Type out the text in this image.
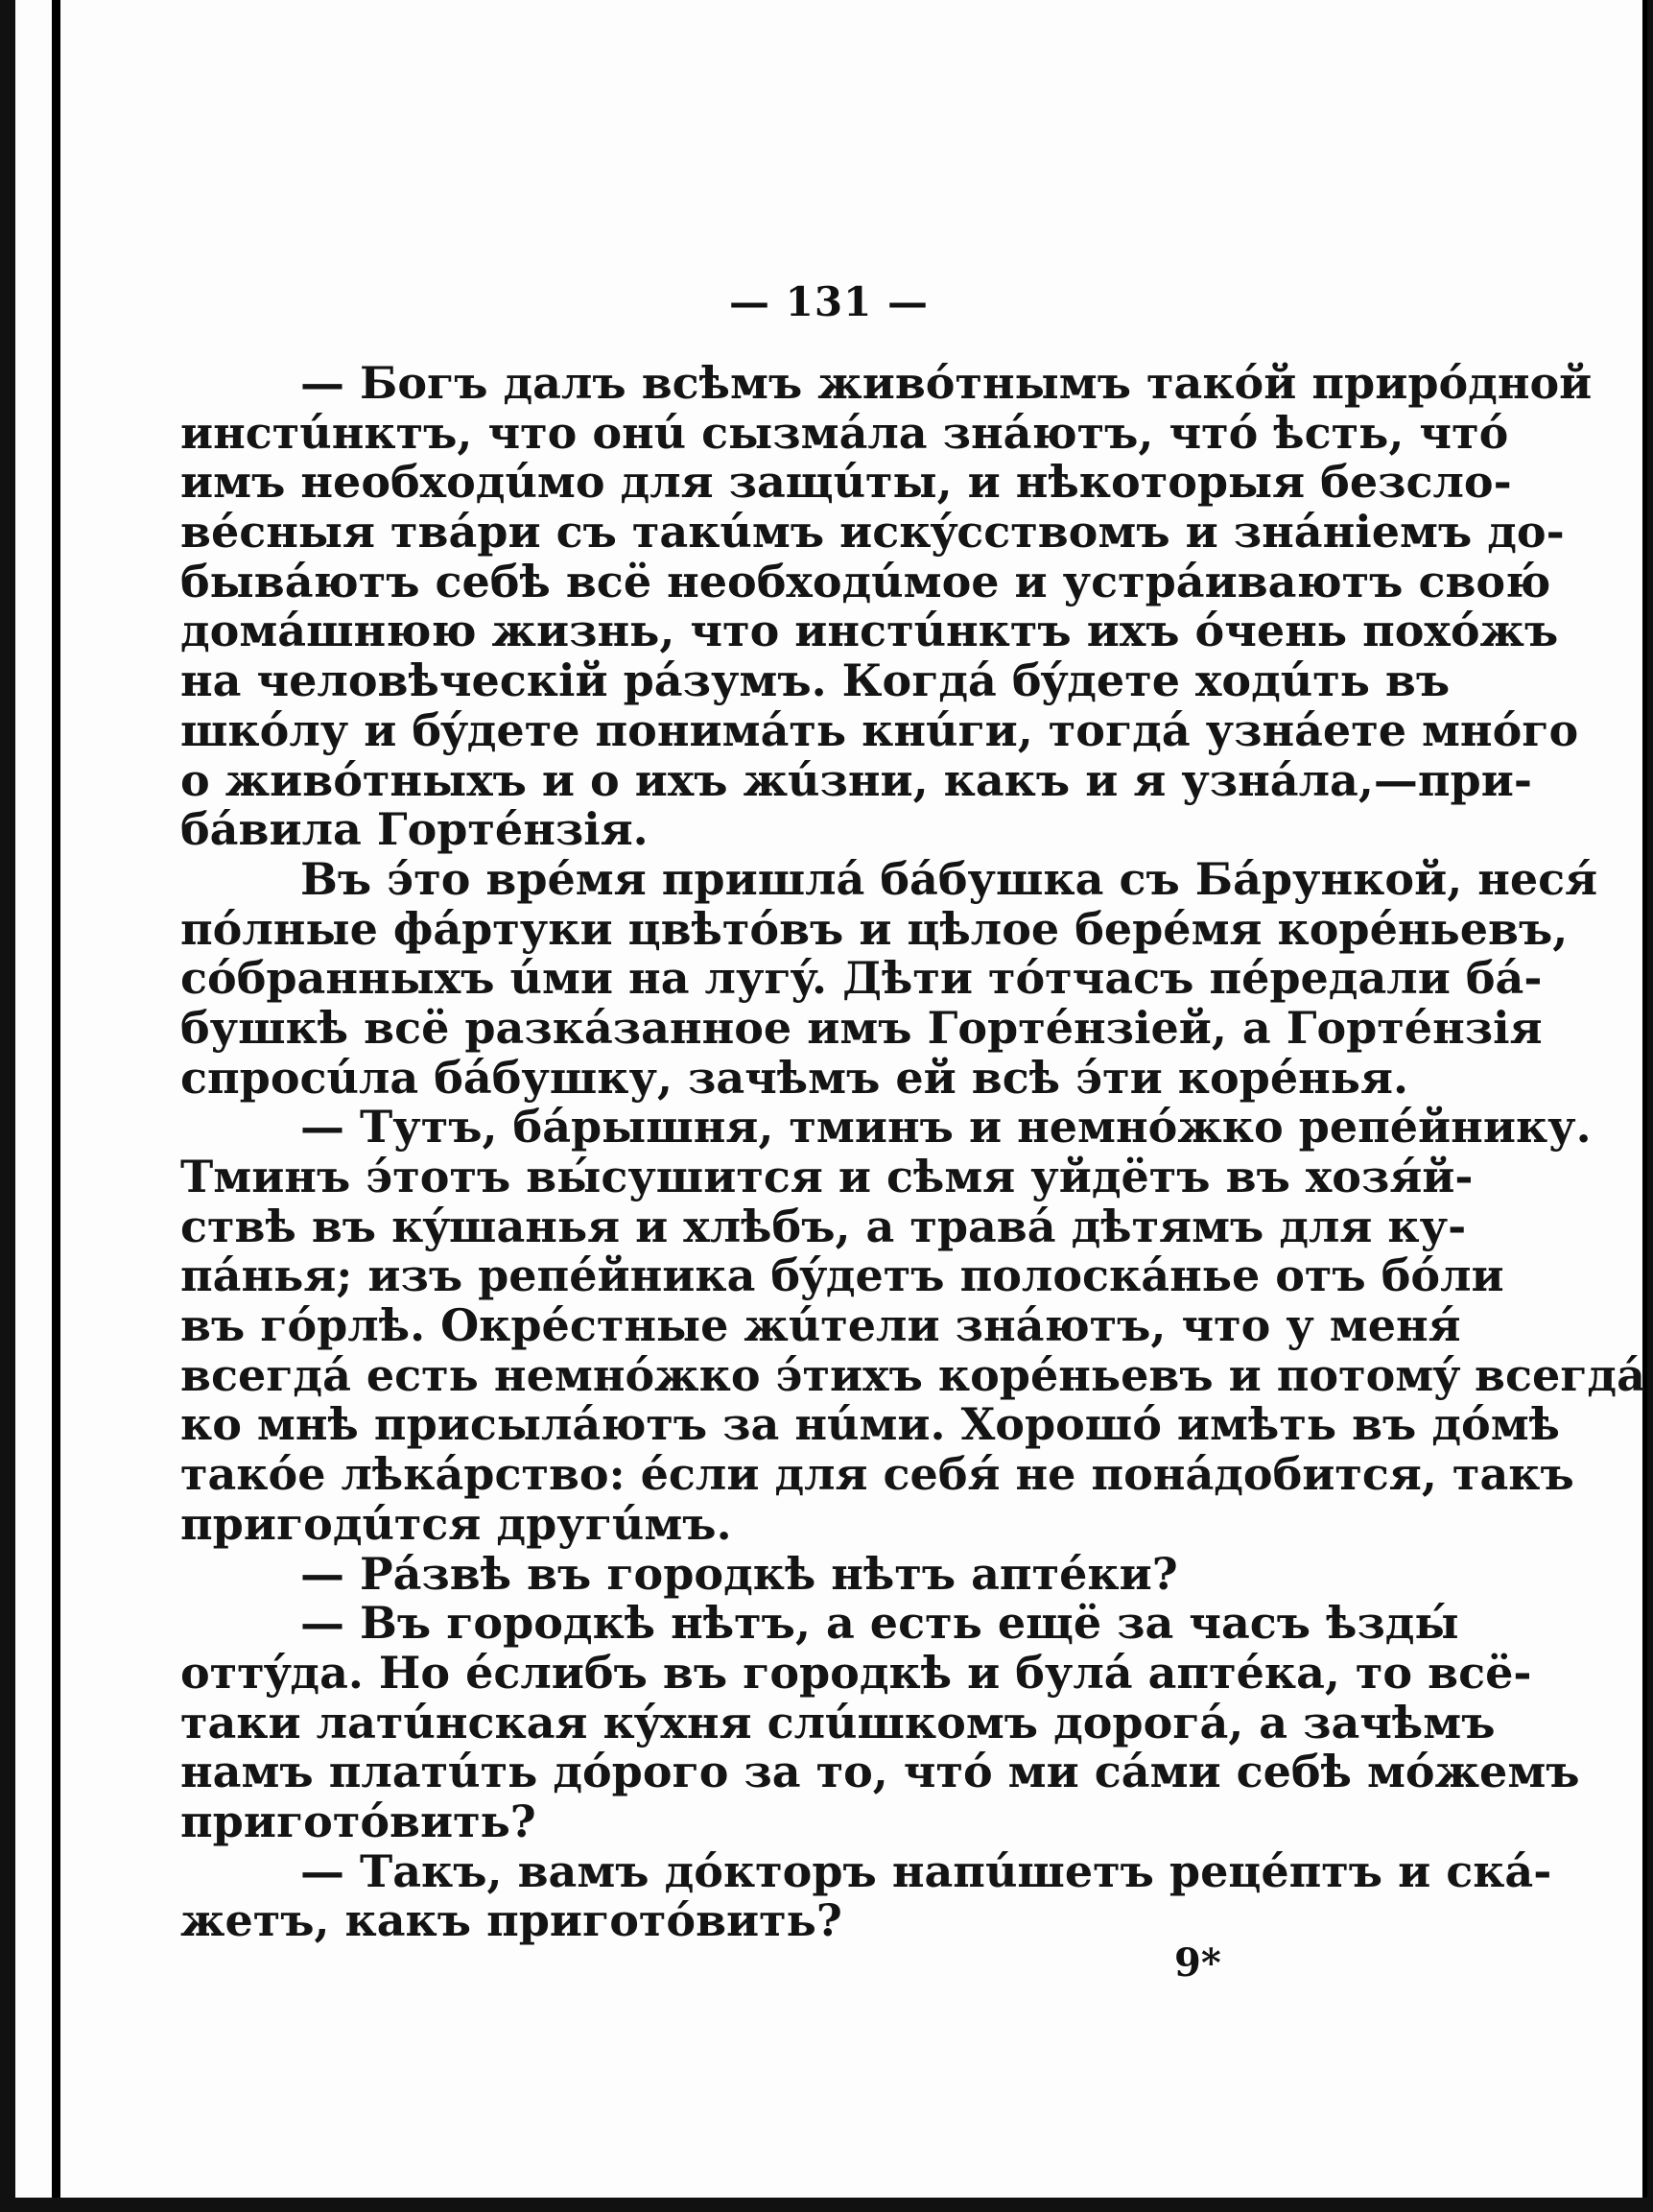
— 131 —
— Богъ далъ всѣмъ живóтнымъ такóй прирóдной
инстúнктъ, что онú сызмáла знáютъ, чтó ѣсть, чтó
имъ необходúмо для защúты, и нѣкоторыя безсло-
вéсныя твáри съ такúмъ искýсствомъ и знáніемъ до-
бывáютъ себѣ всё необходúмое и устрáиваютъ свою́
домáшнюю жизнь, что инстúнктъ ихъ óчень похóжъ
на человѣческій рáзумъ. Когдá бýдете ходúть въ
шкóлу и бýдете понимáть кнúги, тогдá узнáете мнóго
о живóтныхъ и о ихъ жúзни, какъ и я узнáла,—при-
бáвила Гортéнзія.
Въ э́то врéмя пришлá бáбушка съ Бáрункой, неся́
пóлные фáртуки цвѣтóвъ и цѣлое берéмя корéньевъ,
сóбранныхъ úми на лугý. Дѣти тóтчасъ пéредали бá-
бушкѣ всё разкáзанное имъ Гортéнзіей, а Гортéнзія
спросúла бáбушку, зачѣмъ ей всѣ э́ти корéнья.
— Тутъ, бáрышня, тминъ и немнóжко репéйнику.
Тминъ э́тотъ вы́сушится и сѣмя уйдётъ въ хозя́й-
ствѣ въ кýшанья и хлѣбъ, а травá дѣтямъ для ку-
пáнья; изъ репéйника бýдетъ полоскáнье отъ бóли
въ гóрлѣ. Окрéстные жúтели знáютъ, что у меня́
всегдá есть немнóжко э́тихъ корéньевъ и потомý всегдá
ко мнѣ присылáютъ за нúми. Хорошó имѣть въ дóмѣ
такóе лѣкáрство: éсли для себя́ не понáдобится, такъ
пригодúтся другúмъ.
— Рáзвѣ въ городкѣ нѣтъ аптéки?
— Въ городкѣ нѣтъ, а есть ещё за часъ ѣзды́
оттýда. Но éслибъ въ городкѣ и булá аптéка, то всё-
таки латúнская кýхня слúшкомъ дорогá, а зачѣмъ
намъ платúть дóрого за то, чтó ми сáми себѣ мóжемъ
приготóвить?
— Такъ, вамъ дóкторъ напúшетъ рецéптъ и ска́-
жетъ, какъ приготóвить?
9*
